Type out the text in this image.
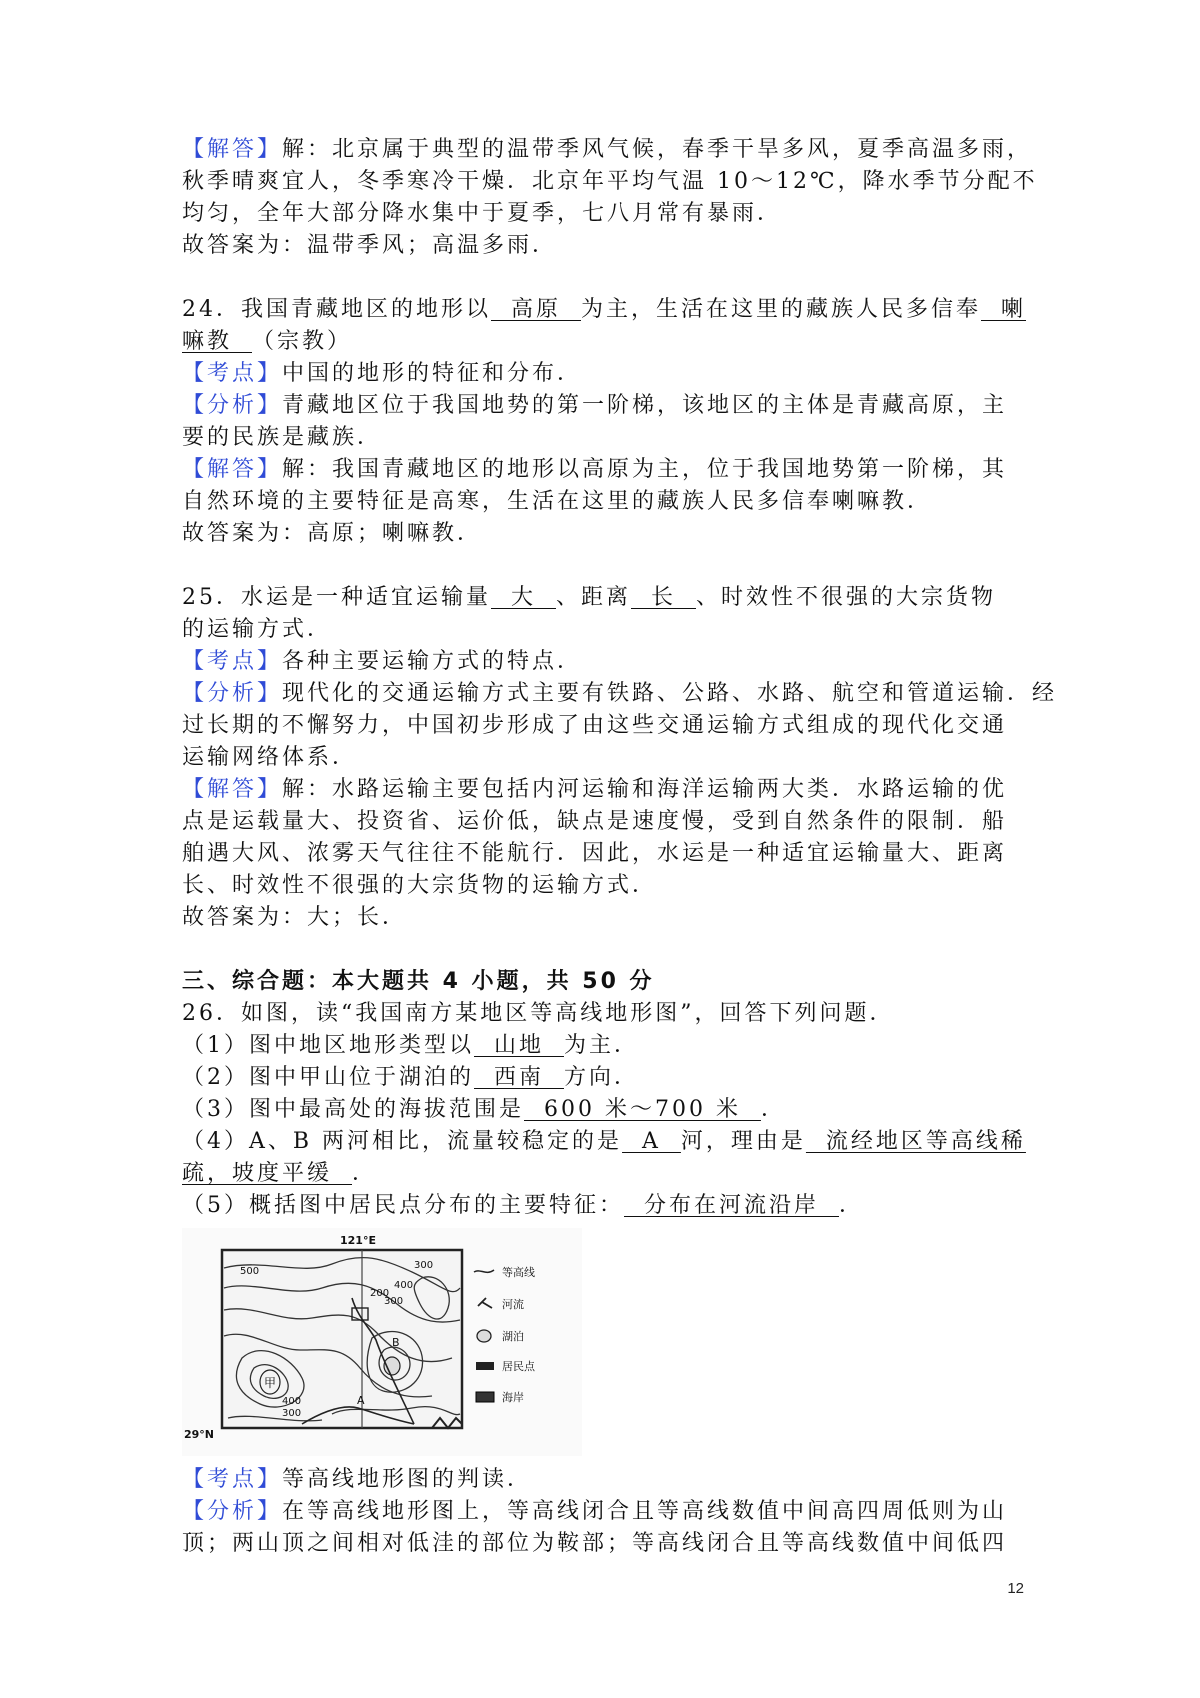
【解答】解：北京属于典型的温带季风气候，春季干旱多风，夏季高温多雨，
秋季晴爽宜人，冬季寒冷干燥．北京年平均气温 10～12℃，降水季节分配不
均匀，全年大部分降水集中于夏季，七八月常有暴雨．
故答案为：温带季风；高温多雨．
24．我国青藏地区的地形以  高原  为主，生活在这里的藏族人民多信奉  喇
嘛教  （宗教）
【考点】中国的地形的特征和分布．
【分析】青藏地区位于我国地势的第一阶梯，该地区的主体是青藏高原，主
要的民族是藏族．
【解答】解：我国青藏地区的地形以高原为主，位于我国地势第一阶梯，其
自然环境的主要特征是高寒，生活在这里的藏族人民多信奉喇嘛教．
故答案为：高原；喇嘛教．
25．水运是一种适宜运输量  大  、距离  长  、时效性不很强的大宗货物
的运输方式．
【考点】各种主要运输方式的特点．
【分析】现代化的交通运输方式主要有铁路、公路、水路、航空和管道运输．经
过长期的不懈努力，中国初步形成了由这些交通运输方式组成的现代化交通
运输网络体系．
【解答】解：水路运输主要包括内河运输和海洋运输两大类．水路运输的优
点是运载量大、投资省、运价低，缺点是速度慢，受到自然条件的限制．船
舶遇大风、浓雾天气往往不能航行．因此，水运是一种适宜运输量大、距离
长、时效性不很强的大宗货物的运输方式．
故答案为：大；长．
三、综合题：本大题共 4 小题，共 50 分
26．如图，读“我国南方某地区等高线地形图”，回答下列问题．
（1）图中地区地形类型以  山地  为主．
（2）图中甲山位于湖泊的  西南  方向．
（3）图中最高处的海拔范围是  600 米～700 米  ．
（4）A、B 两河相比，流量较稳定的是  A  河，理由是  流经地区等高线稀
疏，坡度平缓  ．
（5）概括图中居民点分布的主要特征：  分布在河流沿岸  ．
甲
B
A
500
300
400
300
200
400
300
121°E
29°N
等高线
河流
湖泊
居民点
海岸
【考点】等高线地形图的判读．
【分析】在等高线地形图上，等高线闭合且等高线数值中间高四周低则为山
顶；两山顶之间相对低洼的部位为鞍部；等高线闭合且等高线数值中间低四
12
